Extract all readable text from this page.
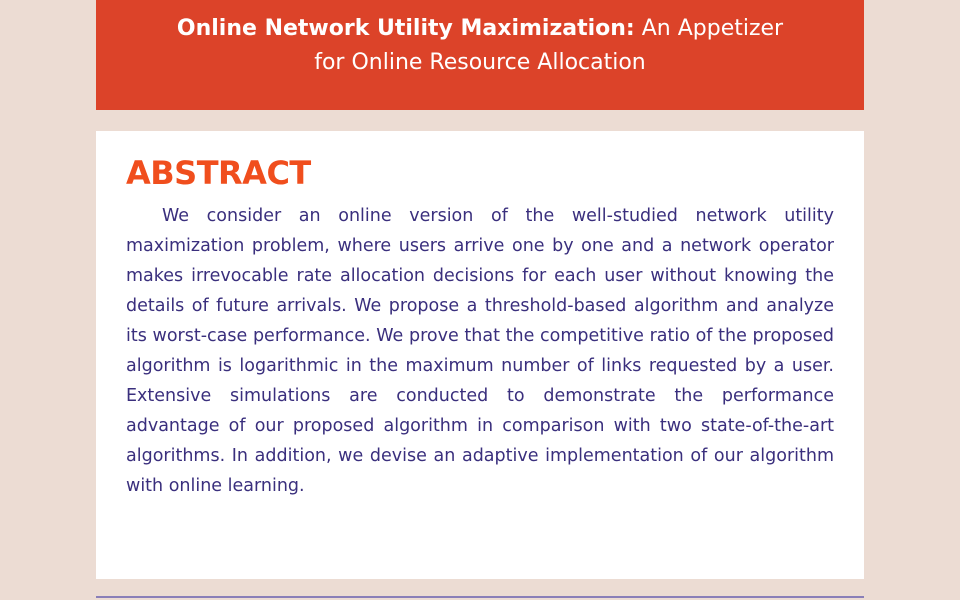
Online Network Utility Maximization: An Appetizer
for Online Resource Allocation
ABSTRACT

We consider an online version of the well-studied network utility maximization problem, where users arrive one by one and a network operator makes irrevocable rate allocation decisions for each user without knowing the details of future arrivals. We propose a threshold-based algorithm and analyze its worst-case performance. We prove that the competitive ratio of the proposed algorithm is logarithmic in the maximum number of links requested by a user. Extensive simulations are conducted to demonstrate the performance advantage of our proposed algorithm in comparison with two state-of-the-art algorithms. In addition, we devise an adaptive implementation of our algorithm with online learning.
